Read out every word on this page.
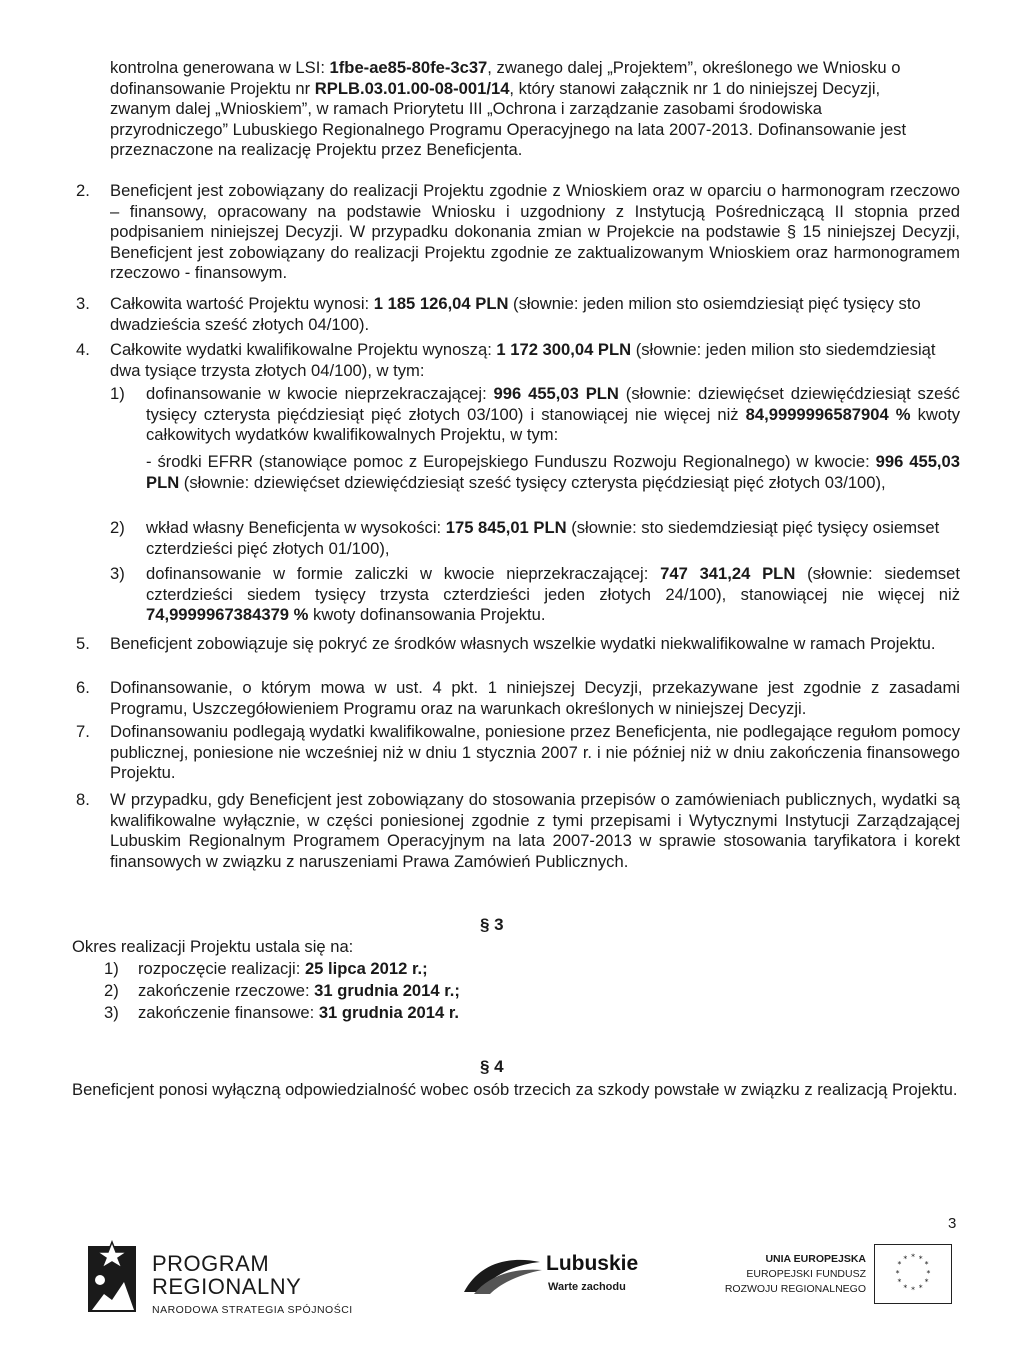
kontrolna generowana w LSI: 1fbe-ae85-80fe-3c37, zwanego dalej „Projektem”, określonego we Wniosku o
dofinansowanie Projektu nr RPLB.03.01.00-08-001/14, który stanowi załącznik nr 1 do niniejszej Decyzji,
zwanym dalej „Wnioskiem”, w ramach Priorytetu III „Ochrona i zarządzanie zasobami środowiska
przyrodniczego” Lubuskiego Regionalnego Programu Operacyjnego na lata 2007-2013. Dofinansowanie jest
przeznaczone na realizację Projektu przez Beneficjenta.
2. Beneficjent jest zobowiązany do realizacji Projektu zgodnie z Wnioskiem oraz w oparciu o harmonogram rzeczowo – finansowy, opracowany na podstawie Wniosku i uzgodniony z Instytucją Pośredniczącą II stopnia przed podpisaniem niniejszej Decyzji. W przypadku dokonania zmian w Projekcie na podstawie § 15 niniejszej Decyzji, Beneficjent jest zobowiązany do realizacji Projektu zgodnie ze zaktualizowanym Wnioskiem oraz harmonogramem rzeczowo - finansowym.
3. Całkowita wartość Projektu wynosi: 1 185 126,04 PLN (słownie: jeden milion sto osiemdziesiąt pięć tysięcy sto dwadzieścia sześć złotych 04/100).
4. Całkowite wydatki kwalifikowalne Projektu wynoszą: 1 172 300,04 PLN (słownie: jeden milion sto siedemdziesiąt dwa tysiące trzysta złotych 04/100), w tym:
1) dofinansowanie w kwocie nieprzekraczającej: 996 455,03 PLN (słownie: dziewięćset dziewięćdziesiąt sześć tysięcy czterysta pięćdziesiąt pięć złotych 03/100) i stanowiącej nie więcej niż 84,9999996587904 % kwoty całkowitych wydatków kwalifikowalnych Projektu, w tym:
- środki EFRR (stanowiące pomoc z Europejskiego Funduszu Rozwoju Regionalnego) w kwocie: 996 455,03 PLN (słownie: dziewięćset dziewięćdziesiąt sześć tysięcy czterysta pięćdziesiąt pięć złotych 03/100),
2) wkład własny Beneficjenta w wysokości: 175 845,01 PLN (słownie: sto siedemdziesiąt pięć tysięcy osiemset czterdzieści pięć złotych 01/100),
3) dofinansowanie w formie zaliczki w kwocie nieprzekraczającej: 747 341,24 PLN (słownie: siedemset czterdzieści siedem tysięcy trzysta czterdzieści jeden złotych 24/100), stanowiącej nie więcej niż 74,9999967384379 % kwoty dofinansowania Projektu.
5. Beneficjent zobowiązuje się pokryć ze środków własnych wszelkie wydatki niekwalifikowalne w ramach Projektu.
6. Dofinansowanie, o którym mowa w ust. 4 pkt. 1 niniejszej Decyzji, przekazywane jest zgodnie z zasadami Programu, Uszczegółowieniem Programu oraz na warunkach określonych w niniejszej Decyzji.
7. Dofinansowaniu podlegają wydatki kwalifikowalne, poniesione przez Beneficjenta, nie podlegające regułom pomocy publicznej, poniesione nie wcześniej niż w dniu 1 stycznia 2007 r. i nie później niż w dniu zakończenia finansowego Projektu.
8. W przypadku, gdy Beneficjent jest zobowiązany do stosowania przepisów o zamówieniach publicznych, wydatki są kwalifikowalne wyłącznie, w części poniesionej zgodnie z tymi przepisami i Wytycznymi Instytucji Zarządzającej Lubuskim Regionalnym Programem Operacyjnym na lata 2007-2013 w sprawie stosowania taryfikatora i korekt finansowych w związku z naruszeniami Prawa Zamówień Publicznych.
§ 3
Okres realizacji Projektu ustala się na:
1) rozpoczęcie realizacji: 25 lipca 2012 r.;
2) zakończenie rzeczowe: 31 grudnia 2014 r.;
3) zakończenie finansowe: 31 grudnia 2014 r.
§ 4
Beneficjent ponosi wyłączną odpowiedzialność wobec osób trzecich za szkody powstałe w związku z realizacją Projektu.
3
PROGRAM
REGIONALNY
NARODOWA STRATEGIA SPÓJNOŚCI
Lubuskie
Warte zachodu
UNIA EUROPEJSKA
EUROPEJSKI FUNDUSZ
ROZWOJU REGIONALNEGO
* *
*
*
*
*
*
*
*
*
*
*
